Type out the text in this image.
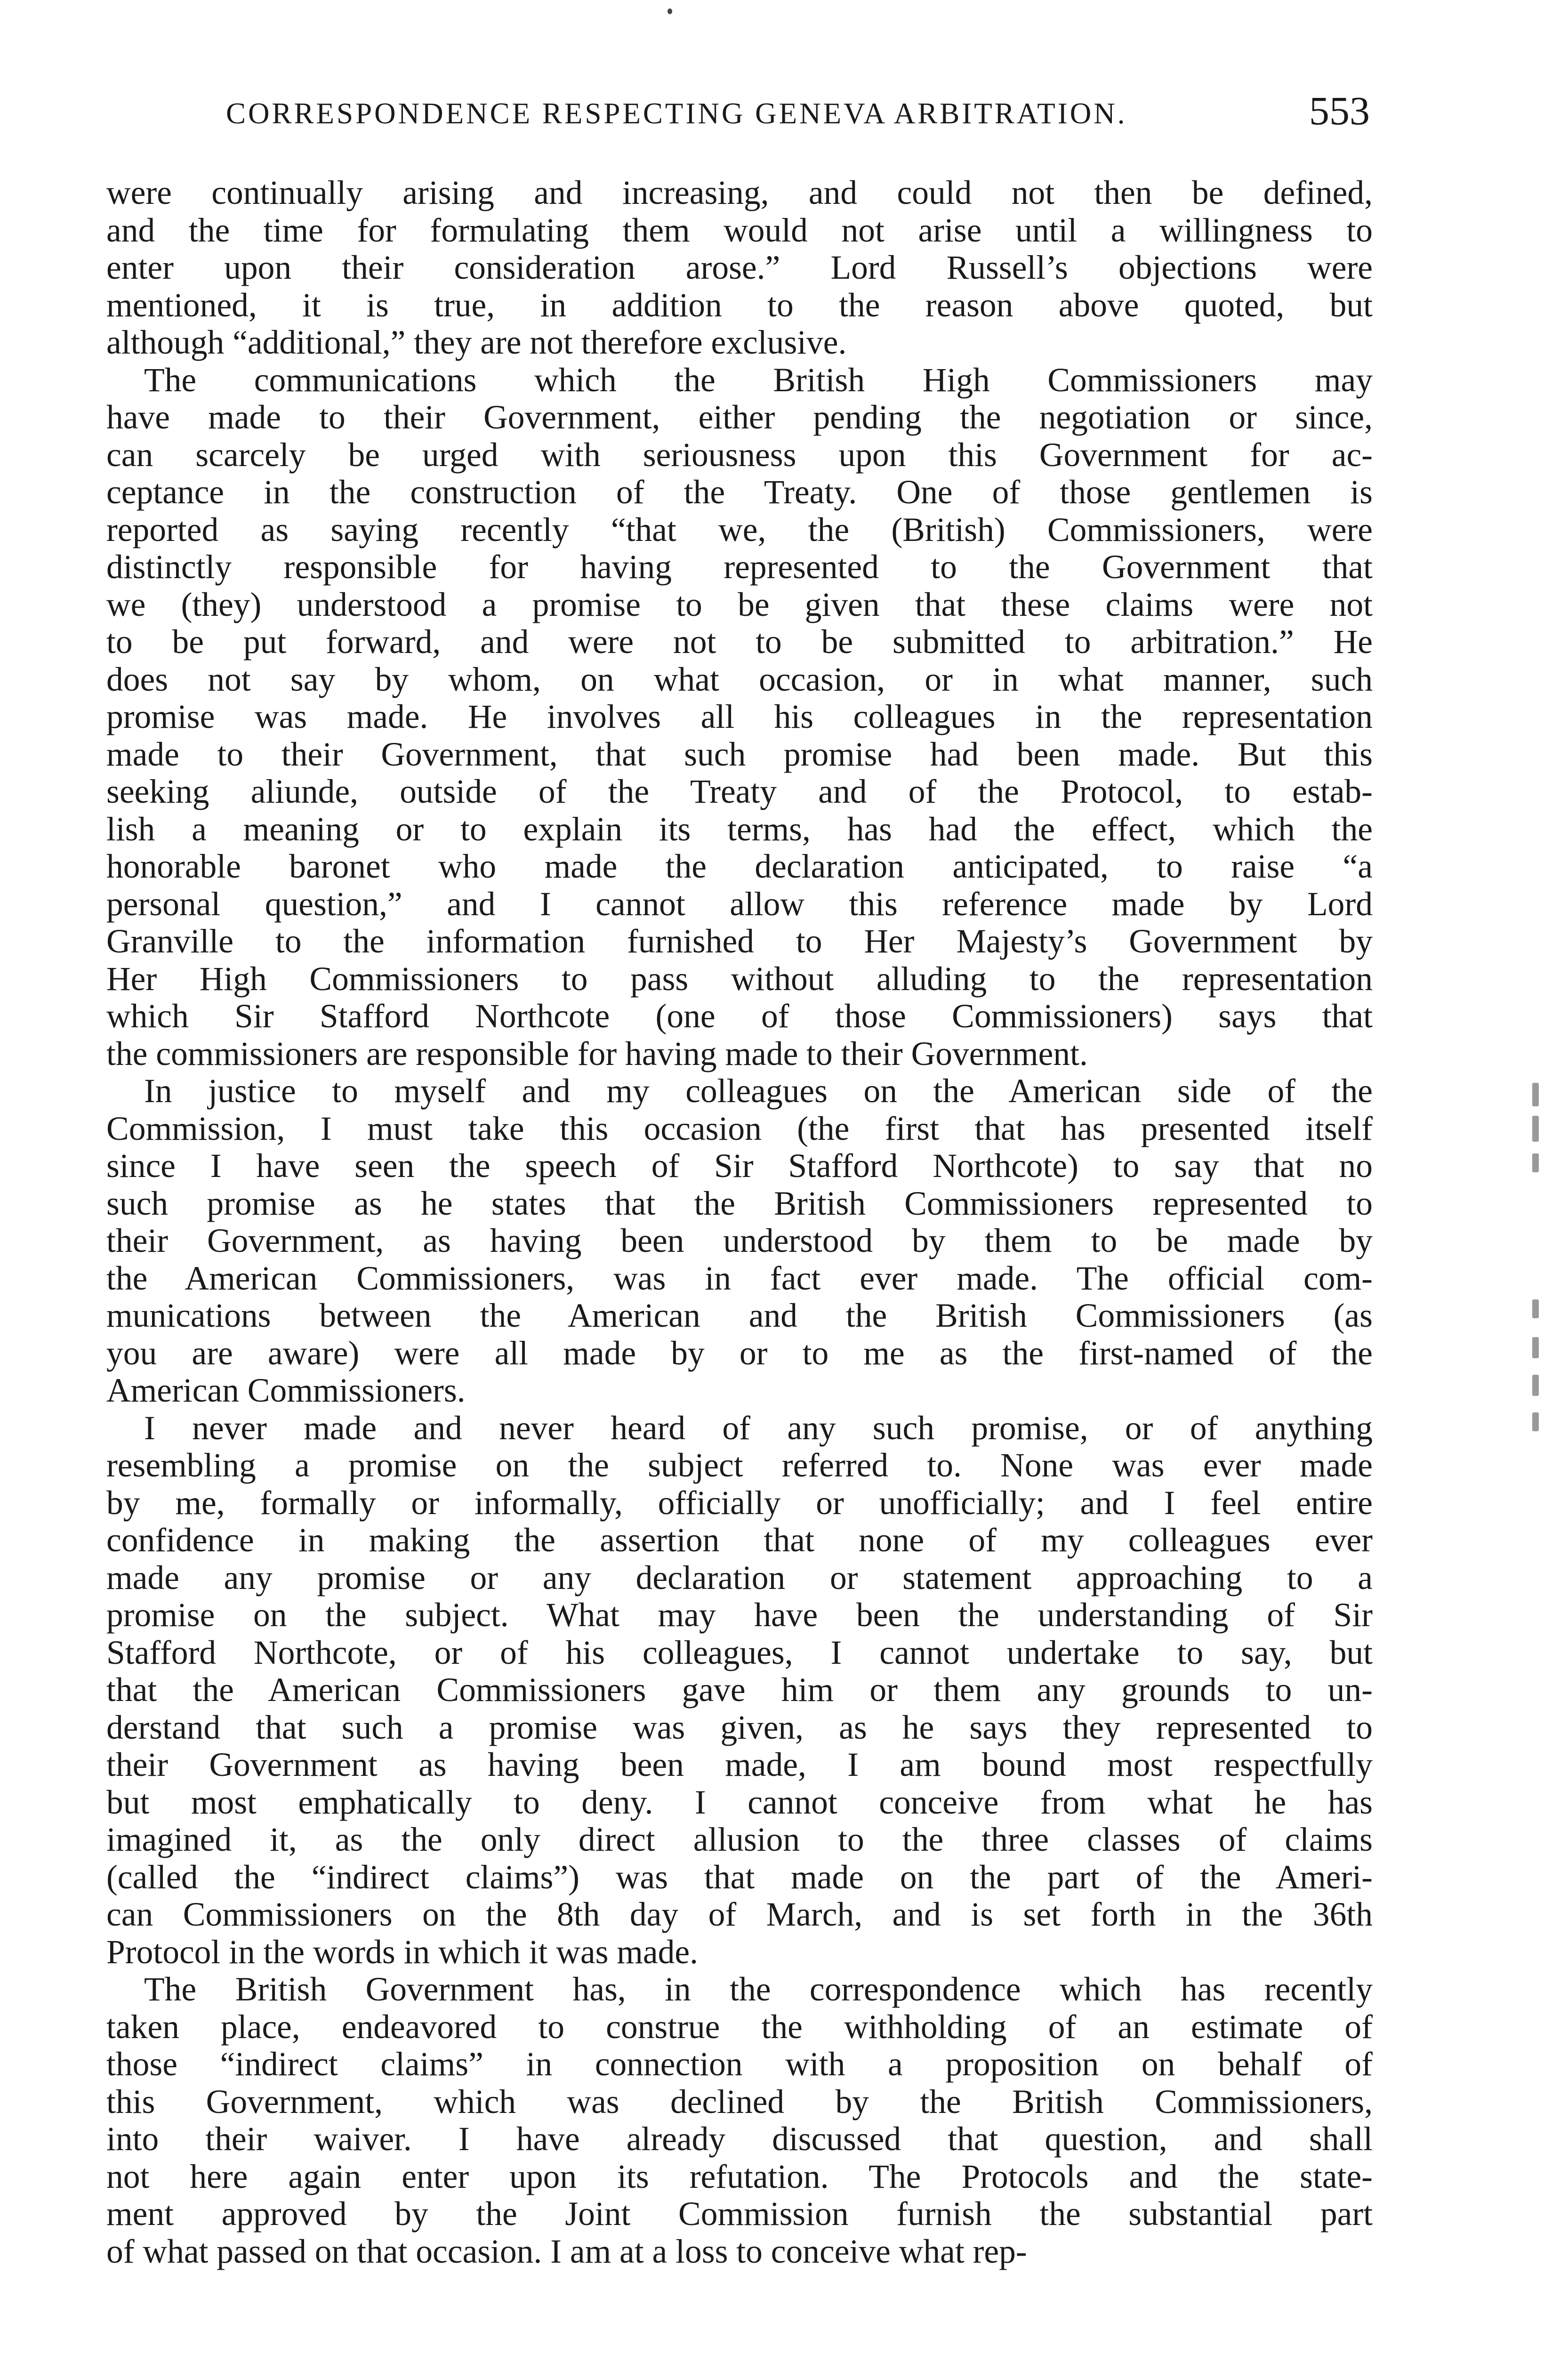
CORRESPONDENCE RESPECTING GENEVA ARBITRATION.	553
were continually arising and increasing, and could not then be defined,
and the time for formulating them would not arise until a willingness to
enter upon their consideration arose.” Lord Russell’s objections were
mentioned, it is true, in addition to the reason above quoted, but
although “additional,” they are not therefore exclusive.
The communications which the British High Commissioners may
have made to their Government, either pending the negotiation or since,
can scarcely be urged with seriousness upon this Government for ac-
ceptance in the construction of the Treaty. One of those gentlemen is
reported as saying recently “that we, the (British) Commissioners, were
distinctly responsible for having represented to the Government that
we (they) understood a promise to be given that these claims were not
to be put forward, and were not to be submitted to arbitration.” He
does not say by whom, on what occasion, or in what manner, such
promise was made. He involves all his colleagues in the representation
made to their Government, that such promise had been made. But this
seeking aliunde, outside of the Treaty and of the Protocol, to estab-
lish a meaning or to explain its terms, has had the effect, which the
honorable baronet who made the declaration anticipated, to raise “a
personal question,” and I cannot allow this reference made by Lord
Granville to the information furnished to Her Majesty’s Government by
Her High Commissioners to pass without alluding to the representation
which Sir Stafford Northcote (one of those Commissioners) says that
the commissioners are responsible for having made to their Government.
In justice to myself and my colleagues on the American side of the
Commission, I must take this occasion (the first that has presented itself
since I have seen the speech of Sir Stafford Northcote) to say that no
such promise as he states that the British Commissioners represented to
their Government, as having been understood by them to be made by
the American Commissioners, was in fact ever made. The official com-
munications between the American and the British Commissioners (as
you are aware) were all made by or to me as the first-named of the
American Commissioners.
I never made and never heard of any such promise, or of anything
resembling a promise on the subject referred to. None was ever made
by me, formally or informally, officially or unofficially; and I feel entire
confidence in making the assertion that none of my colleagues ever
made any promise or any declaration or statement approaching to a
promise on the subject. What may have been the understanding of Sir
Stafford Northcote, or of his colleagues, I cannot undertake to say, but
that the American Commissioners gave him or them any grounds to un-
derstand that such a promise was given, as he says they represented to
their Government as having been made, I am bound most respectfully
but most emphatically to deny. I cannot conceive from what he has
imagined it, as the only direct allusion to the three classes of claims
(called the “indirect claims”) was that made on the part of the Ameri-
can Commissioners on the 8th day of March, and is set forth in the 36th
Protocol in the words in which it was made.
The British Government has, in the correspondence which has recently
taken place, endeavored to construe the withholding of an estimate of
those “indirect claims” in connection with a proposition on behalf of
this Government, which was declined by the British Commissioners,
into their waiver. I have already discussed that question, and shall
not here again enter upon its refutation. The Protocols and the state-
ment approved by the Joint Commission furnish the substantial part
of what passed on that occasion. I am at a loss to conceive what rep-
